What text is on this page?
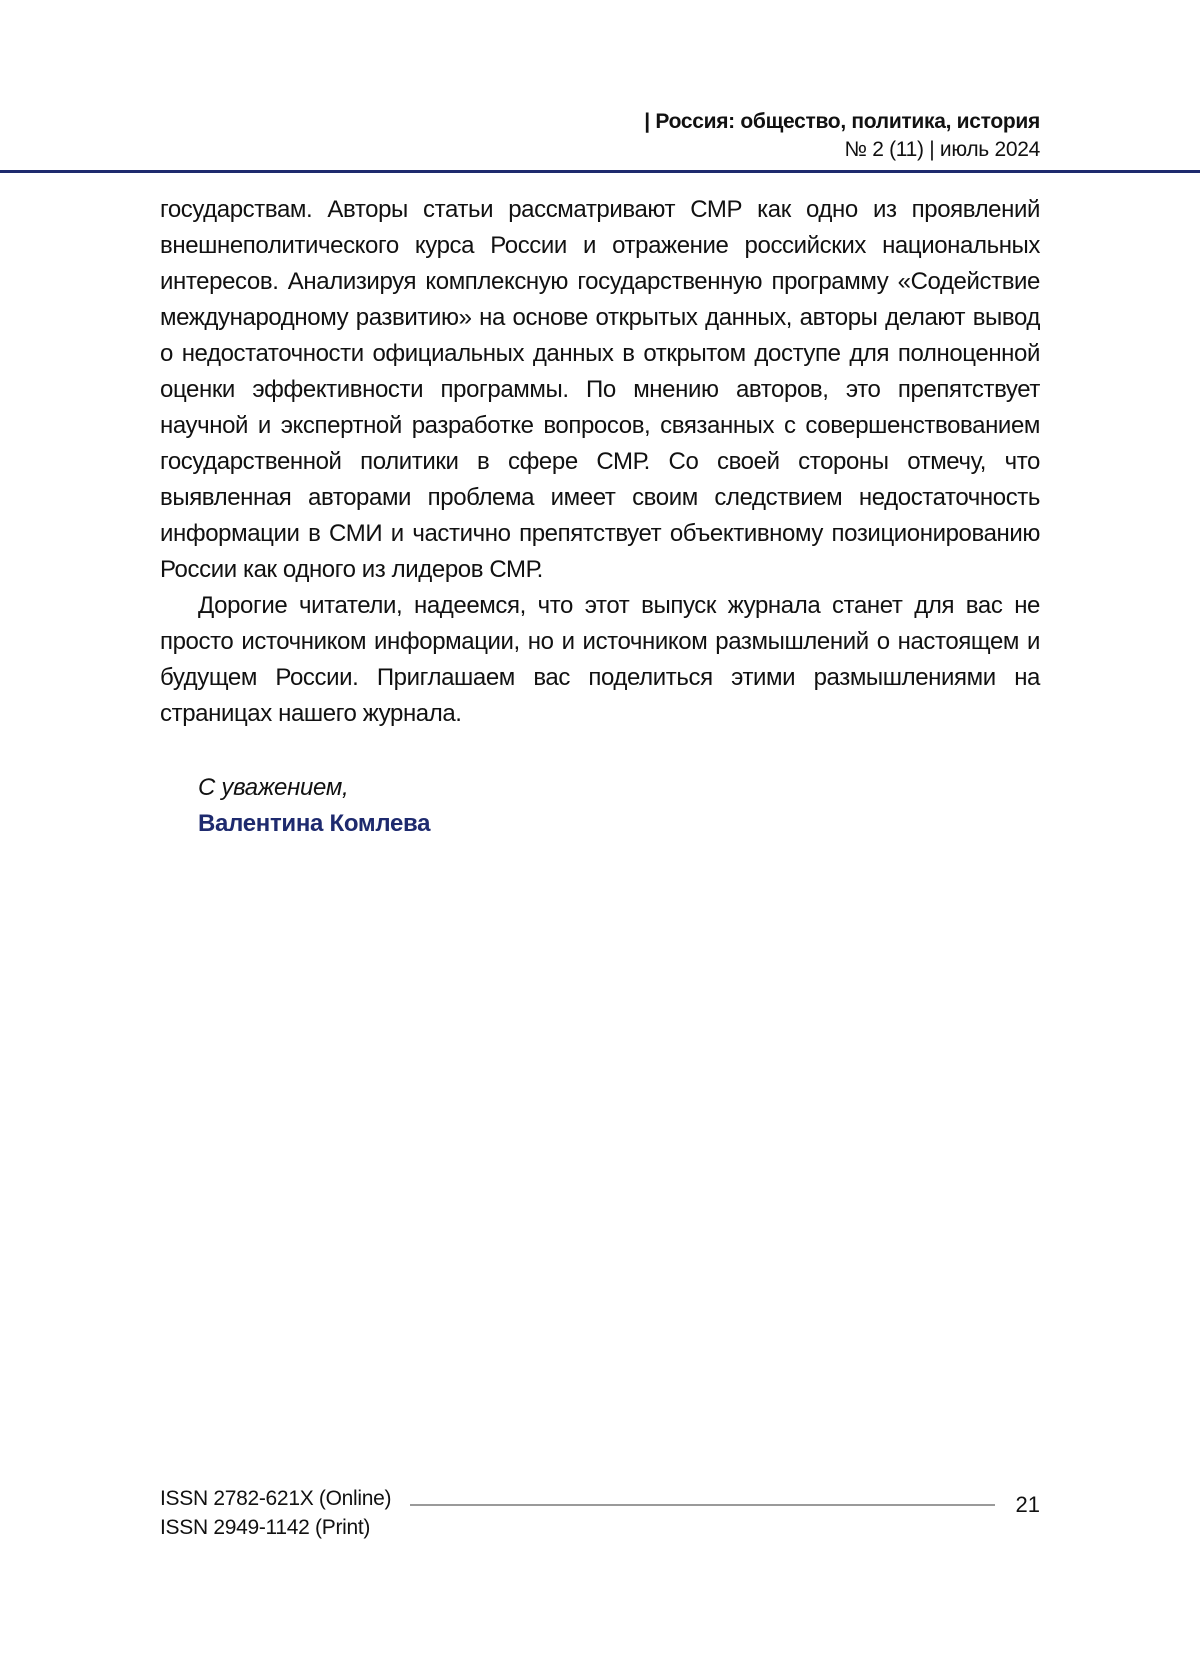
| Россия: общество, политика, история
№ 2 (11) | июль 2024

государствам. Авторы статьи рассматривают СМР как одно из проявлений внешнеполитического курса России и отражение российских национальных интересов. Анализируя комплексную государственную программу «Содействие международному развитию» на основе открытых данных, авторы делают вывод о недостаточности официальных данных в открытом доступе для полноценной оценки эффективности программы. По мнению авторов, это препятствует научной и экспертной разработке вопросов, связанных с совершенствованием государственной политики в сфере СМР. Со своей стороны отмечу, что выявленная авторами проблема имеет своим следствием недостаточность информации в СМИ и частично препятствует объективному позиционированию России как одного из лидеров СМР.

Дорогие читатели, надеемся, что этот выпуск журнала станет для вас не просто источником информации, но и источником размышлений о настоящем и будущем России. Приглашаем вас поделиться этими размышлениями на страницах нашего журнала.

С уважением,
Валентина Комлева
ISSN 2782-621X (Online)
ISSN 2949-1142 (Print)
21
